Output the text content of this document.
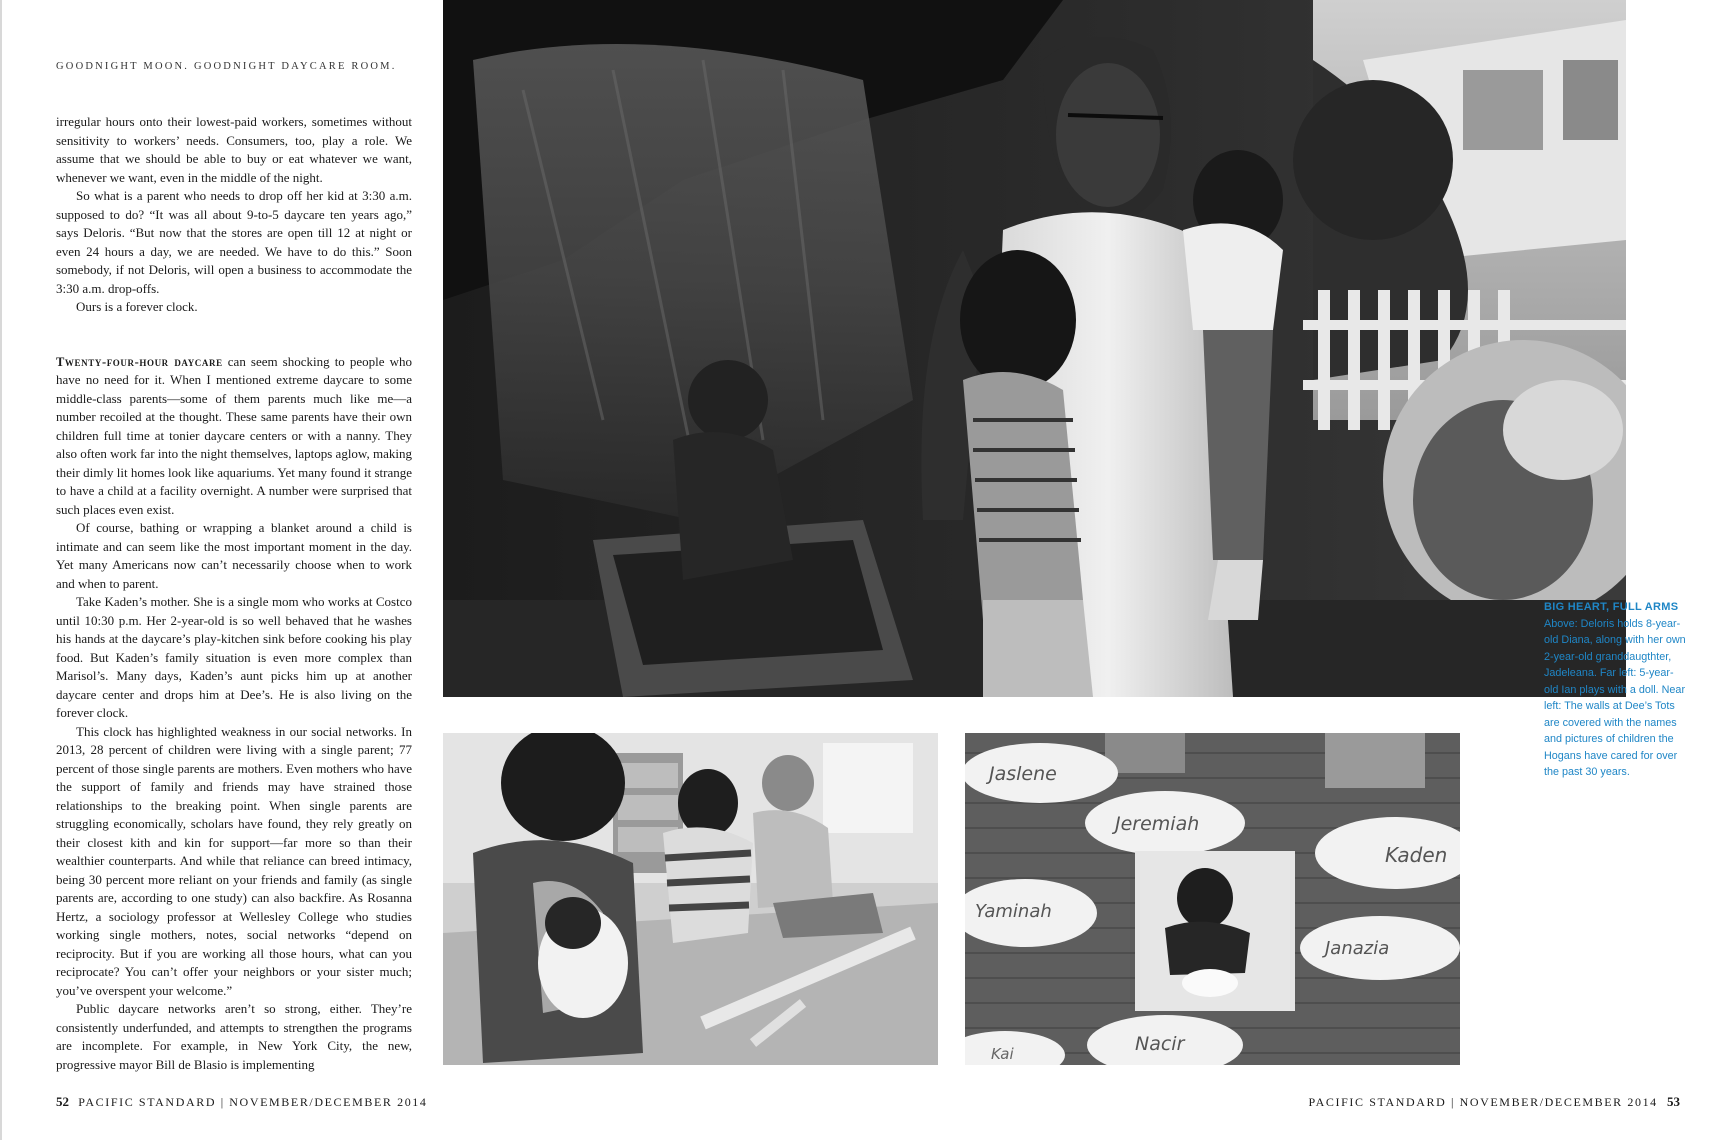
GOODNIGHT MOON. GOODNIGHT DAYCARE ROOM.

irregular hours onto their lowest-paid workers, sometimes without sensitivity to workers’ needs. Consumers, too, play a role. We assume that we should be able to buy or eat whatever we want, whenever we want, even in the middle of the night.

So what is a parent who needs to drop off her kid at 3:30 a.m. supposed to do? “It was all about 9-to-5 daycare ten years ago,” says Deloris. “But now that the stores are open till 12 at night or even 24 hours a day, we are needed. We have to do this.” Soon somebody, if not Deloris, will open a business to accommodate the 3:30 a.m. drop-offs.

Ours is a forever clock.

Twenty-four-hour daycare can seem shocking to people who have no need for it. When I mentioned extreme daycare to some middle-class parents—some of them parents much like me—a number recoiled at the thought. These same parents have their own children full time at tonier daycare centers or with a nanny. They also often work far into the night themselves, laptops aglow, making their dimly lit homes look like aquariums. Yet many found it strange to have a child at a facility overnight. A number were surprised that such places even exist.

Of course, bathing or wrapping a blanket around a child is intimate and can seem like the most important moment in the day. Yet many Americans now can’t necessarily choose when to work and when to parent.

Take Kaden’s mother. She is a single mom who works at Costco until 10:30 p.m. Her 2-year-old is so well behaved that he washes his hands at the daycare’s play-kitchen sink before cooking his play food. But Kaden’s family situation is even more complex than Marisol’s. Many days, Kaden’s aunt picks him up at another daycare center and drops him at Dee’s. He is also living on the forever clock.

This clock has highlighted weakness in our social networks. In 2013, 28 percent of children were living with a single parent; 77 percent of those single parents are mothers. Even mothers who have the support of family and friends may have strained those relationships to the breaking point. When single parents are struggling economically, scholars have found, they rely greatly on their closest kith and kin for support—far more so than their wealthier counterparts. And while that reliance can breed intimacy, being 30 percent more reliant on your friends and family (as single parents are, according to one study) can also backfire. As Rosanna Hertz, a sociology professor at Wellesley College who studies working single mothers, notes, social networks “depend on reciprocity. But if you are working all those hours, what can you reciprocate? You can’t offer your neighbors or your sister much; you’ve overspent your welcome.”

Public daycare networks aren’t so strong, either. They’re consistently underfunded, and attempts to strengthen the programs are incomplete. For example, in New York City, the new, progressive mayor Bill de Blasio is implementing

Jaslene
Jeremiah
Kaden
Yaminah
Janazia
Nacir
Kai
BIG HEART, FULL ARMS
Above: Deloris holds 8-year-old Diana, along with her own 2-year-old granddaugthter, Jadeleana. Far left: 5-year-old Ian plays with a doll. Near left: The walls at Dee’s Tots are covered with the names and pictures of children the Hogans have cared for over the past 30 years.
52 PACIFIC STANDARD | NOVEMBER/DECEMBER 2014	PACIFIC STANDARD | NOVEMBER/DECEMBER 2014 53
